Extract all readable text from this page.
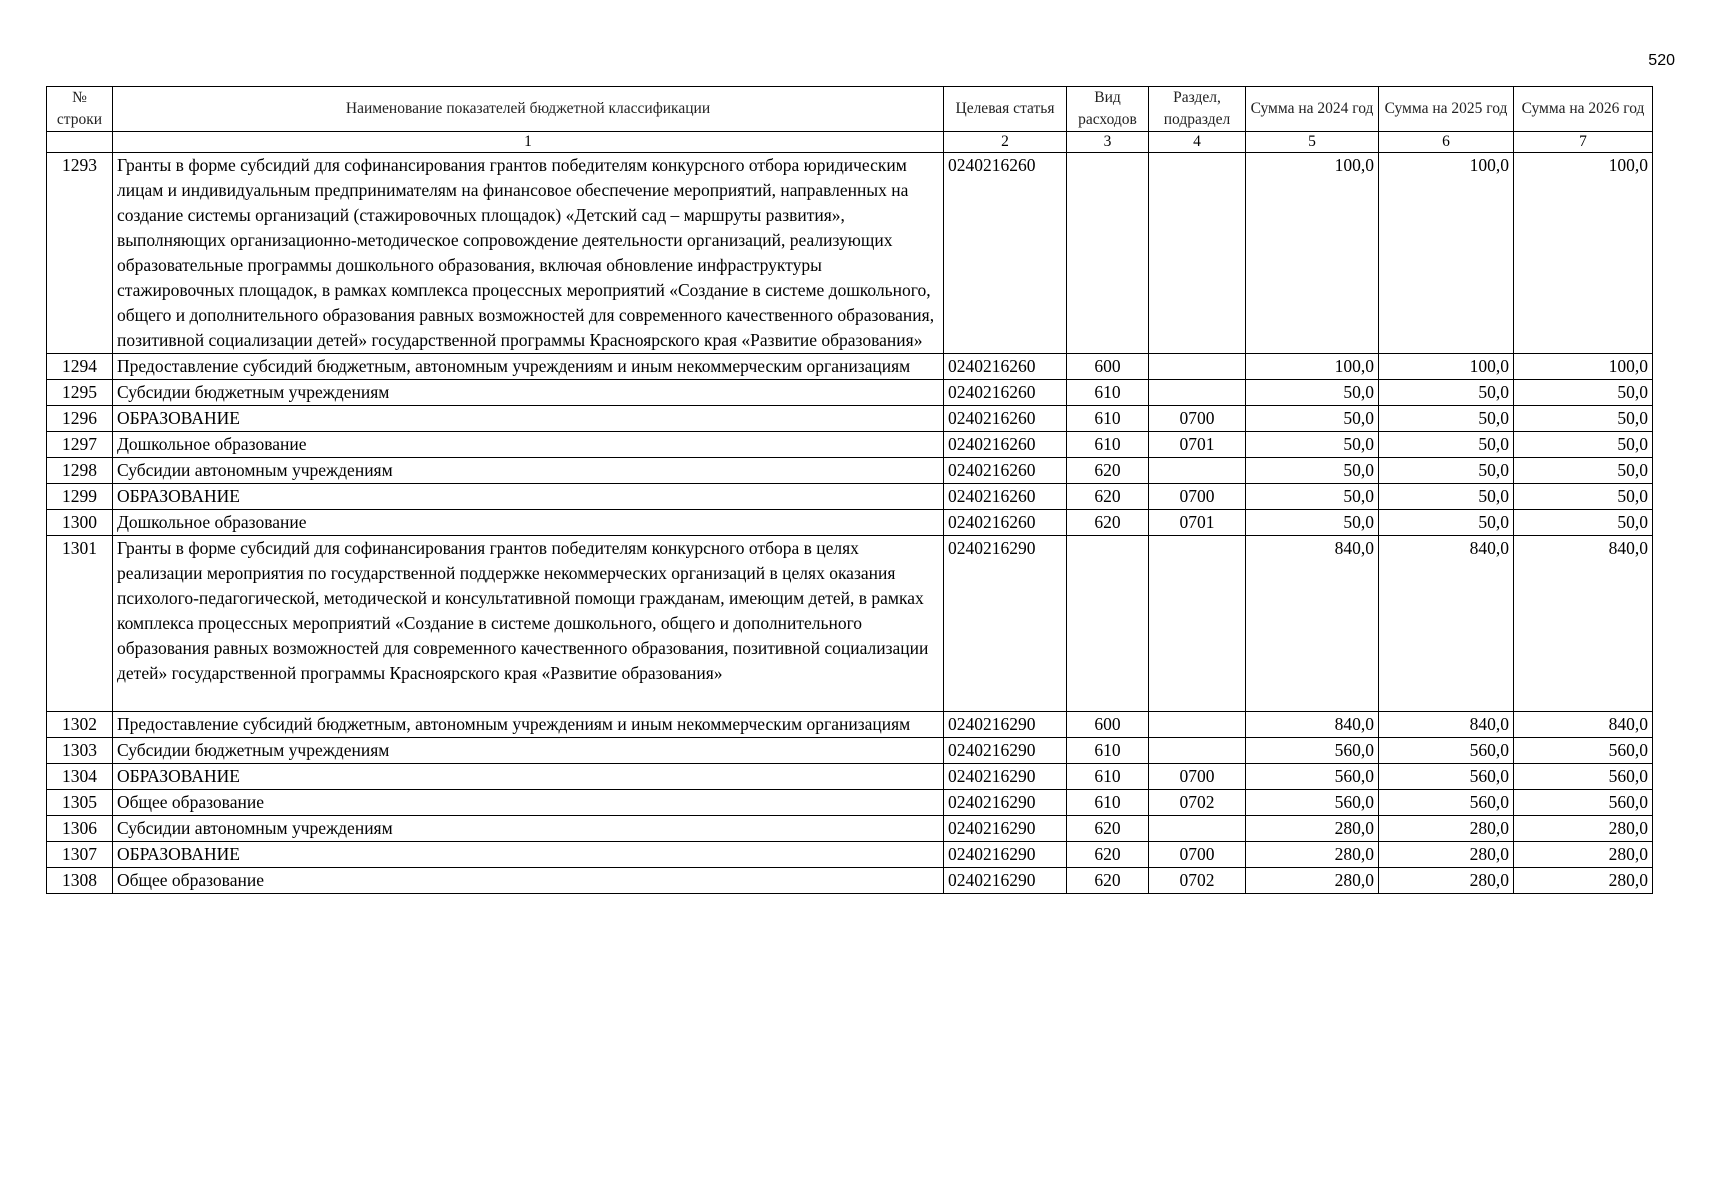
520
№ строки	Наименование показателей бюджетной классификации	Целевая статья	Вид расходов	Раздел, подраздел	Сумма на 2024 год	Сумма на 2025 год	Сумма на 2026 год
	1	2	3	4	5	6	7
1293	Гранты в форме субсидий для софинансирования грантов победителям конкурсного отбора юридическим лицам и индивидуальным предпринимателям на финансовое обеспечение мероприятий, направленных на создание системы организаций (стажировочных площадок) «Детский сад – маршруты развития», выполняющих организационно-методическое сопровождение деятельности организаций, реализующих образовательные программы дошкольного образования, включая обновление инфраструктуры стажировочных площадок, в рамках комплекса процессных мероприятий «Создание в системе дошкольного, общего и дополнительного образования равных возможностей для современного качественного образования, позитивной социализации детей» государственной программы Красноярского края «Развитие образования»	0240216260			100,0	100,0	100,0
1294	Предоставление субсидий бюджетным, автономным учреждениям и иным некоммерческим организациям	0240216260	600		100,0	100,0	100,0
1295	Субсидии бюджетным учреждениям	0240216260	610		50,0	50,0	50,0
1296	ОБРАЗОВАНИЕ	0240216260	610	0700	50,0	50,0	50,0
1297	Дошкольное образование	0240216260	610	0701	50,0	50,0	50,0
1298	Субсидии автономным учреждениям	0240216260	620		50,0	50,0	50,0
1299	ОБРАЗОВАНИЕ	0240216260	620	0700	50,0	50,0	50,0
1300	Дошкольное образование	0240216260	620	0701	50,0	50,0	50,0
1301	Гранты в форме субсидий для софинансирования грантов победителям конкурсного отбора в целях реализации мероприятия по государственной поддержке некоммерческих организаций в целях оказания психолого-педагогической, методической и консультативной помощи гражданам, имеющим детей, в рамках комплекса процессных мероприятий «Создание в системе дошкольного, общего и дополнительного образования равных возможностей для современного качественного образования, позитивной социализации детей» государственной программы Красноярского края «Развитие образования»	0240216290			840,0	840,0	840,0
1302	Предоставление субсидий бюджетным, автономным учреждениям и иным некоммерческим организациям	0240216290	600		840,0	840,0	840,0
1303	Субсидии бюджетным учреждениям	0240216290	610		560,0	560,0	560,0
1304	ОБРАЗОВАНИЕ	0240216290	610	0700	560,0	560,0	560,0
1305	Общее образование	0240216290	610	0702	560,0	560,0	560,0
1306	Субсидии автономным учреждениям	0240216290	620		280,0	280,0	280,0
1307	ОБРАЗОВАНИЕ	0240216290	620	0700	280,0	280,0	280,0
1308	Общее образование	0240216290	620	0702	280,0	280,0	280,0
